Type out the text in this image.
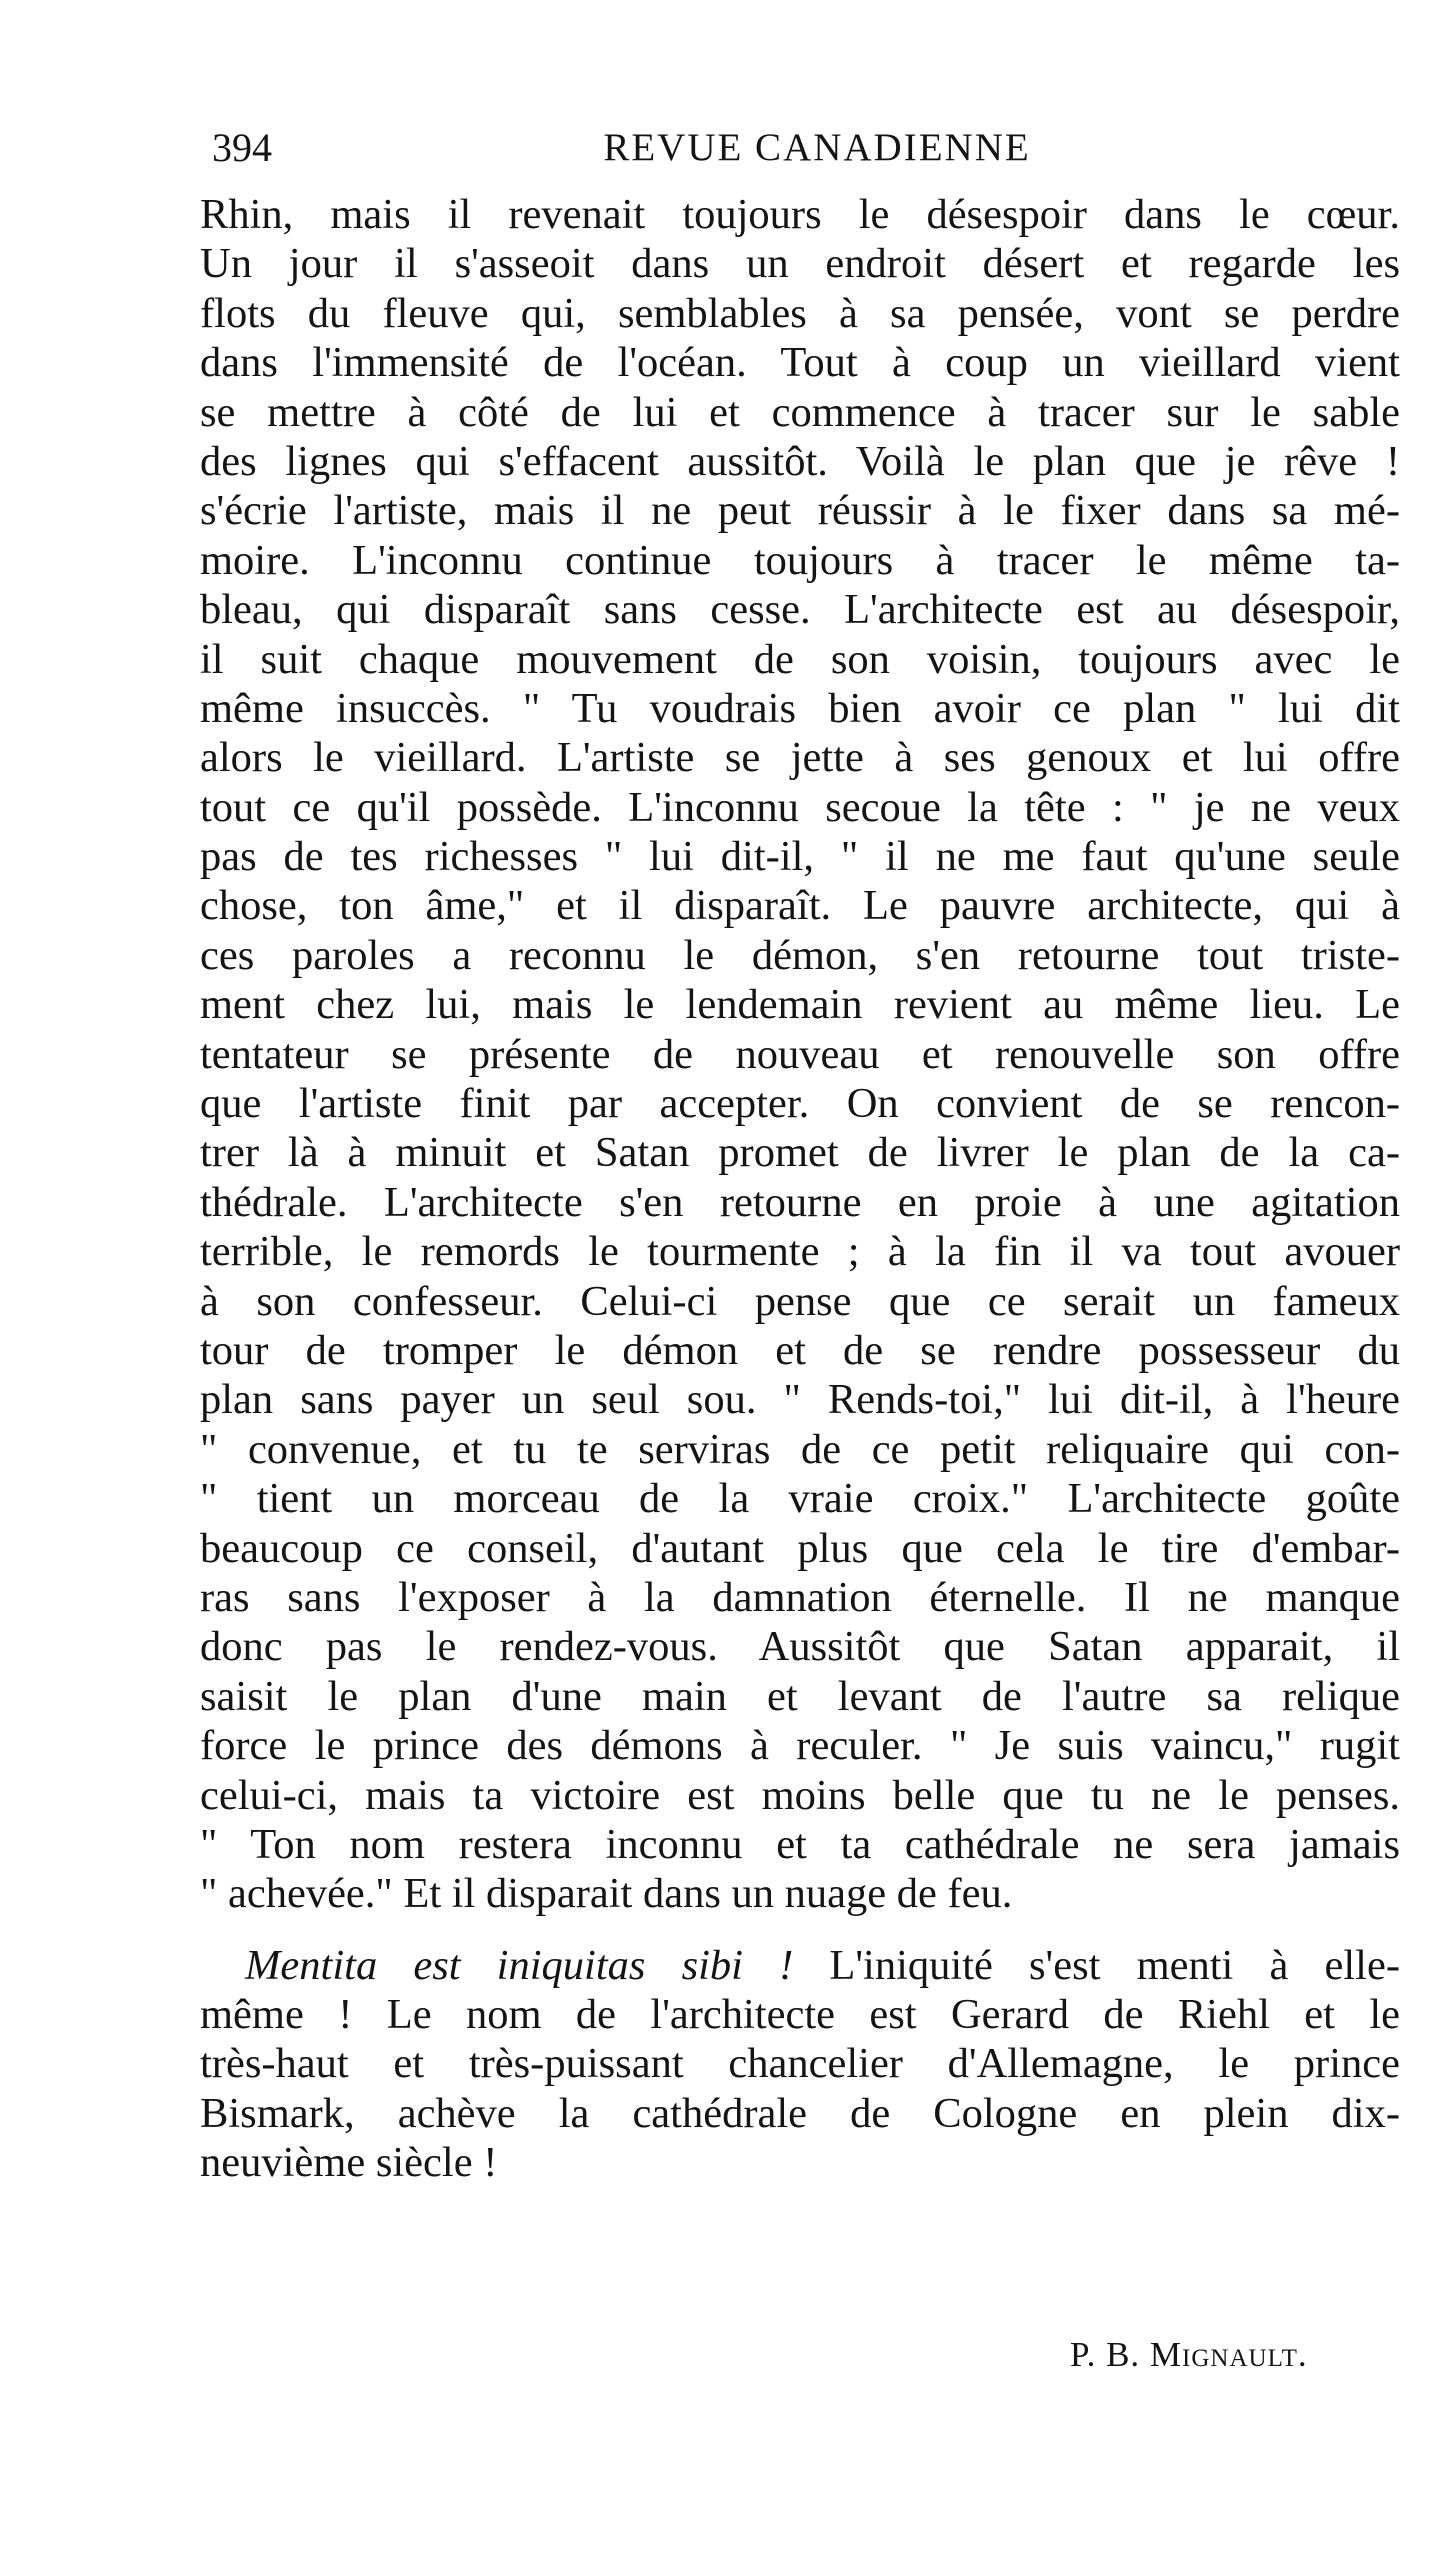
394	REVUE CANADIENNE
Rhin, mais il revenait toujours le désespoir dans le cœur.
Un jour il s'asseoit dans un endroit désert et regarde les
flots du fleuve qui, semblables à sa pensée, vont se perdre
dans l'immensité de l'océan. Tout à coup un vieillard vient
se mettre à côté de lui et commence à tracer sur le sable
des lignes qui s'effacent aussitôt. Voilà le plan que je rêve !
s'écrie l'artiste, mais il ne peut réussir à le fixer dans sa mé-
moire. L'inconnu continue toujours à tracer le même ta-
bleau, qui disparaît sans cesse. L'architecte est au désespoir,
il suit chaque mouvement de son voisin, toujours avec le
même insuccès. " Tu voudrais bien avoir ce plan " lui dit
alors le vieillard. L'artiste se jette à ses genoux et lui offre
tout ce qu'il possède. L'inconnu secoue la tête : " je ne veux
pas de tes richesses " lui dit-il, " il ne me faut qu'une seule
chose, ton âme," et il disparaît. Le pauvre architecte, qui à
ces paroles a reconnu le démon, s'en retourne tout triste-
ment chez lui, mais le lendemain revient au même lieu. Le
tentateur se présente de nouveau et renouvelle son offre
que l'artiste finit par accepter. On convient de se rencon-
trer là à minuit et Satan promet de livrer le plan de la ca-
thédrale. L'architecte s'en retourne en proie à une agitation
terrible, le remords le tourmente ; à la fin il va tout avouer
à son confesseur. Celui-ci pense que ce serait un fameux
tour de tromper le démon et de se rendre possesseur du
plan sans payer un seul sou. " Rends-toi," lui dit-il, à l'heure
" convenue, et tu te serviras de ce petit reliquaire qui con-
" tient un morceau de la vraie croix." L'architecte goûte
beaucoup ce conseil, d'autant plus que cela le tire d'embar-
ras sans l'exposer à la damnation éternelle. Il ne manque
donc pas le rendez-vous. Aussitôt que Satan apparait, il
saisit le plan d'une main et levant de l'autre sa relique
force le prince des démons à reculer. " Je suis vaincu," rugit
celui-ci, mais ta victoire est moins belle que tu ne le penses.
" Ton nom restera inconnu et ta cathédrale ne sera jamais
" achevée." Et il disparait dans un nuage de feu.
Mentita est iniquitas sibi ! L'iniquité s'est menti à elle-
même ! Le nom de l'architecte est Gerard de Riehl et le
très-haut et très-puissant chancelier d'Allemagne, le prince
Bismark, achève la cathédrale de Cologne en plein dix-
neuvième siècle !
P. B. Mignault.
